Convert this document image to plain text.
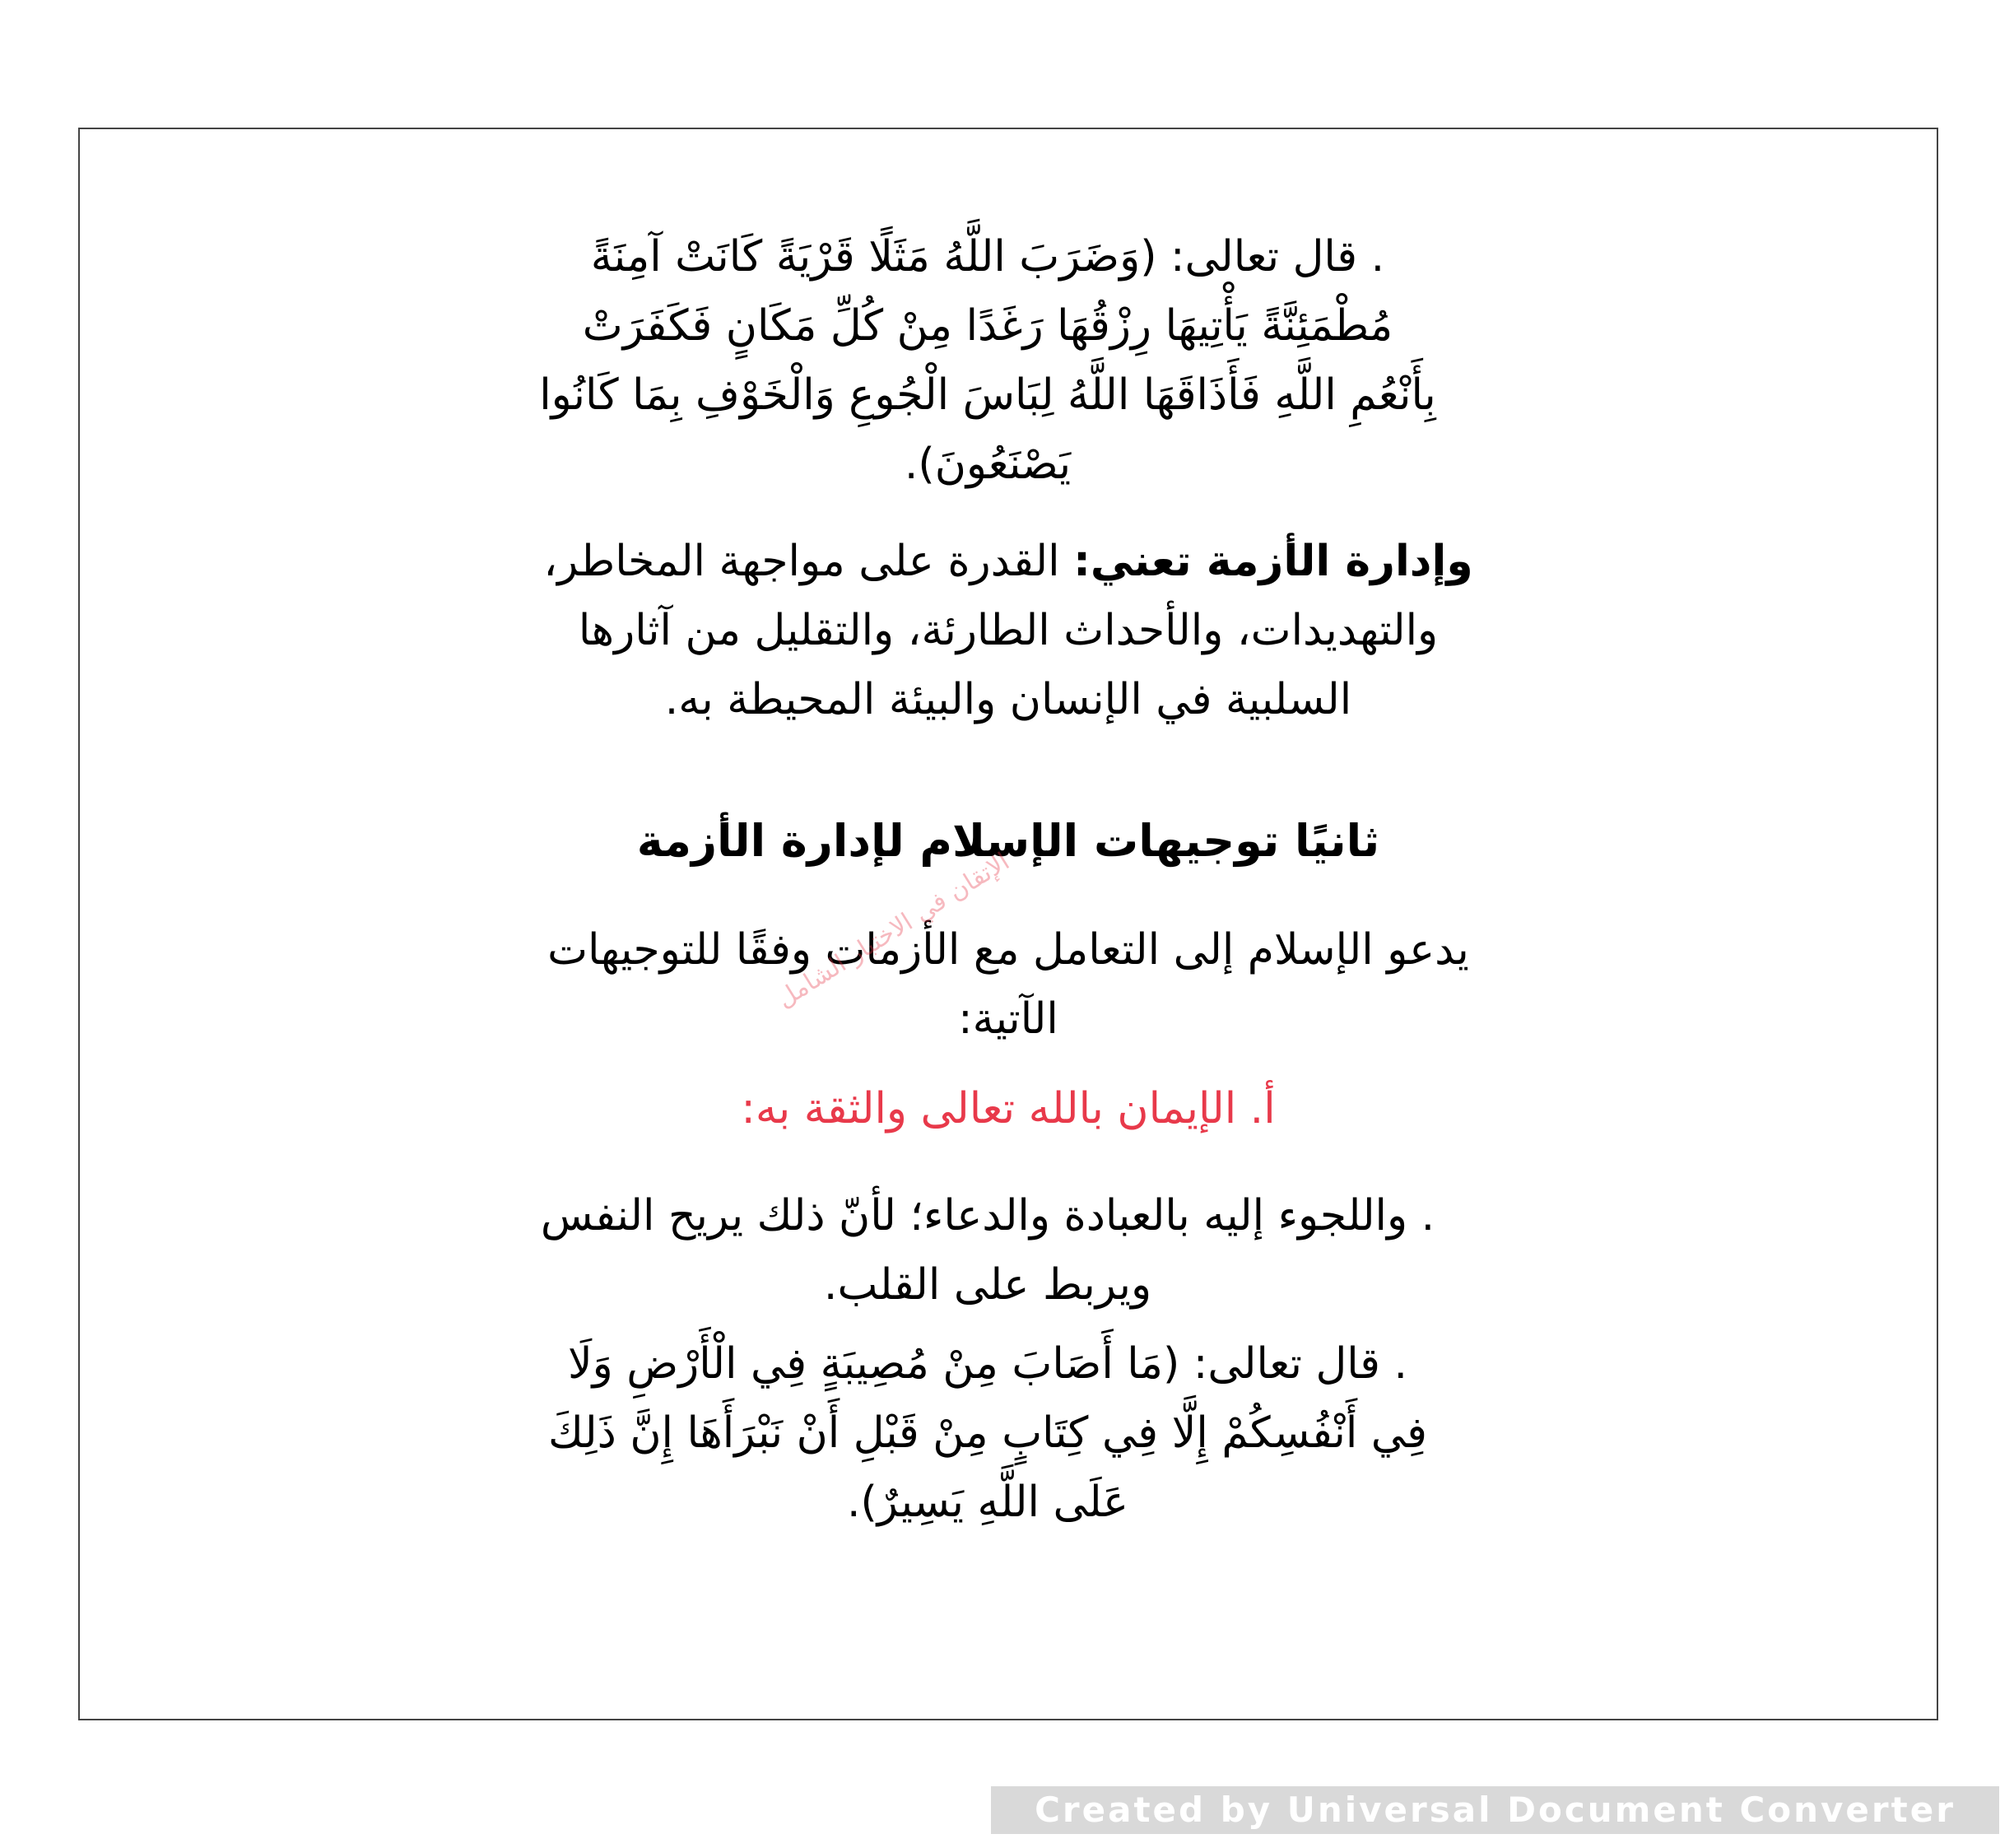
. قال تعالى: (وَضَرَبَ اللَّهُ مَثَلًا قَرْيَةً كَانَتْ آمِنَةً
مُطْمَئِنَّةً يَأْتِيهَا رِزْقُهَا رَغَدًا مِنْ كُلِّ مَكَانٍ فَكَفَرَتْ
بِأَنْعُمِ اللَّهِ فَأَذَاقَهَا اللَّهُ لِبَاسَ الْجُوعِ وَالْخَوْفِ بِمَا كَانُوا
يَصْنَعُونَ).
وإدارة الأزمة تعني: القدرة على مواجهة المخاطر،
والتهديدات، والأحداث الطارئة، والتقليل من آثارها
السلبية في الإنسان والبيئة المحيطة به.
ثانيًا توجيهات الإسلام لإدارة الأزمة
يدعو الإسلام إلى التعامل مع الأزمات وفقًا للتوجيهات
الآتية:
الإتقان في الاختبار الشامل
أ. الإيمان بالله تعالى والثقة به:
. واللجوء إليه بالعبادة والدعاء؛ لأنّ ذلك يريح النفس
ويربط على القلب.
. قال تعالى: (مَا أَصَابَ مِنْ مُصِيبَةٍ فِي الْأَرْضِ وَلَا
فِي أَنْفُسِكُمْ إِلَّا فِي كِتَابٍ مِنْ قَبْلِ أَنْ نَبْرَأَهَا إِنَّ ذَلِكَ
عَلَى اللَّهِ يَسِيرٌ).
Created by Universal Document Converter
